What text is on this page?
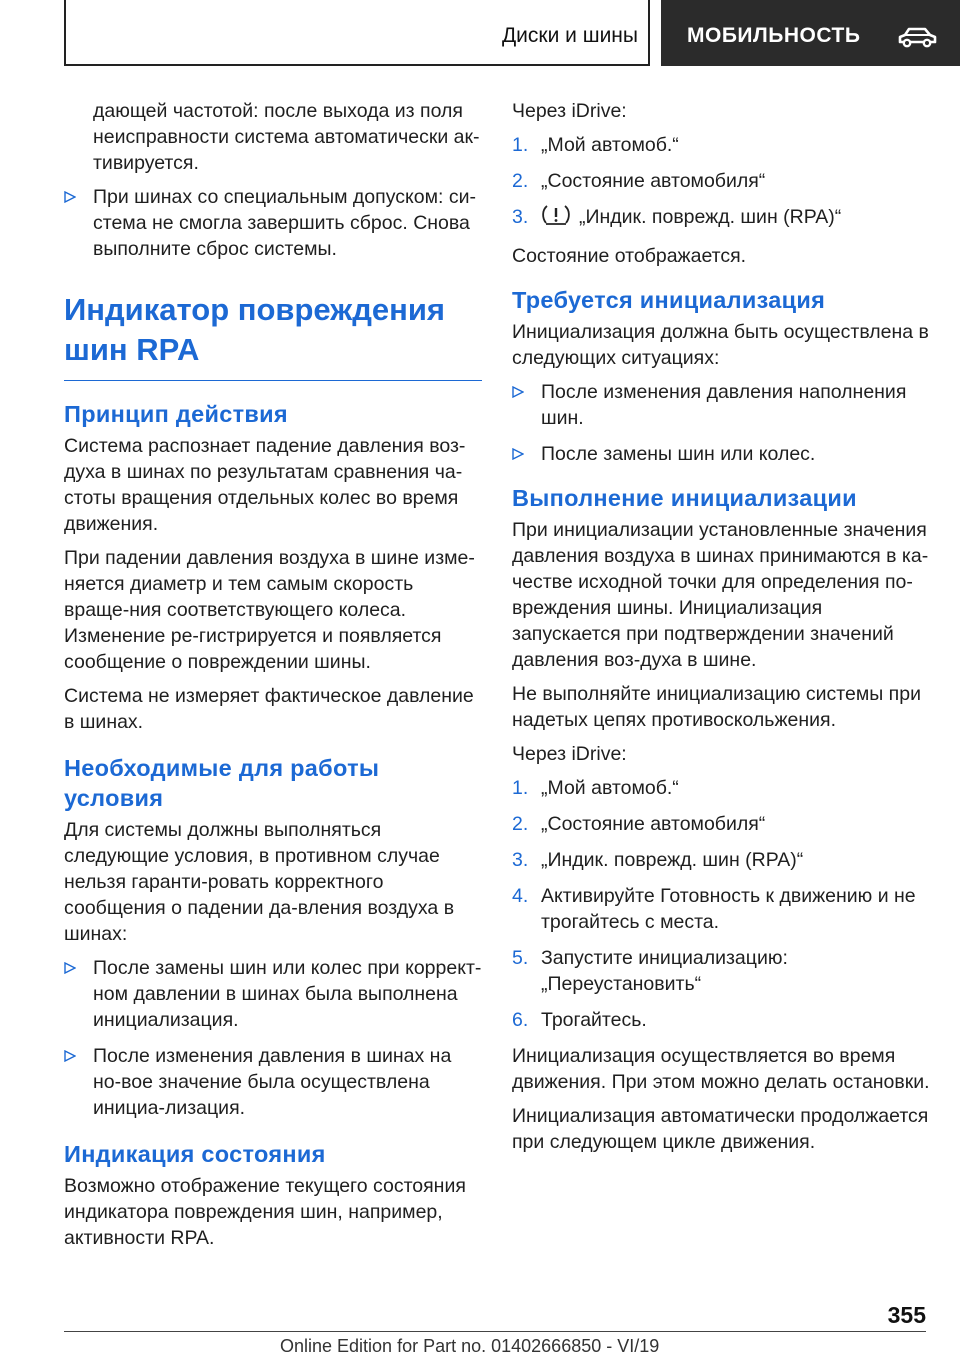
Диски и шины МОБИЛЬНОСТЬ

дающей частотой: после выхода из поля неисправности система автоматически ак-тивируется.

При шинах со специальным допуском: си-стема не смогла завершить сброс. Снова выполните сброс системы.
Индикатор повреждения шин RPA
Принцип действия

Система распознает падение давления воз-духа в шинах по результатам сравнения ча-стоты вращения отдельных колес во время движения.

При падении давления воздуха в шине изме-няется диаметр и тем самым скорость враще-ния соответствующего колеса. Изменение ре-гистрируется и появляется сообщение о повреждении шины.

Система не измеряет фактическое давление в шинах.

Необходимые для работы условия

Для системы должны выполняться следующие условия, в противном случае нельзя гаранти-ровать корректного сообщения о падении да-вления воздуха в шинах:

После замены шин или колес при коррект-ном давлении в шинах была выполнена инициализация.
После изменения давления в шинах на но-вое значение была осуществлена инициа-лизация.
Индикация состояния

Возможно отображение текущего состояния индикатора повреждения шин, например, активности RPA.

Через iDrive:

1. „Мой автомоб.“
2. „Состояние автомобиля“
3.	„Индик. поврежд. шин (RPA)“

Состояние отображается.

Требуется инициализация

Инициализация должна быть осуществлена в следующих ситуациях:

После изменения давления наполнения шин.
После замены шин или колес.
Выполнение инициализации

При инициализации установленные значения давления воздуха в шинах принимаются в ка-честве исходной точки для определения по-вреждения шины. Инициализация запускается при подтверждении значений давления воз-духа в шине.

Не выполняйте инициализацию системы при надетых цепях противоскольжения.

Через iDrive:

1. „Мой автомоб.“
2. „Состояние автомобиля“
3. „Индик. поврежд. шин (RPA)“
4. Активируйте Готовность к движению и не трогайтесь с места.
5. Запустите инициализацию: „Переустановить“
6. Трогайтесь.

Инициализация осуществляется во время движения. При этом можно делать остановки.

Инициализация автоматически продолжается при следующем цикле движения.

355
Online Edition for Part no. 01402666850 - VI/19
